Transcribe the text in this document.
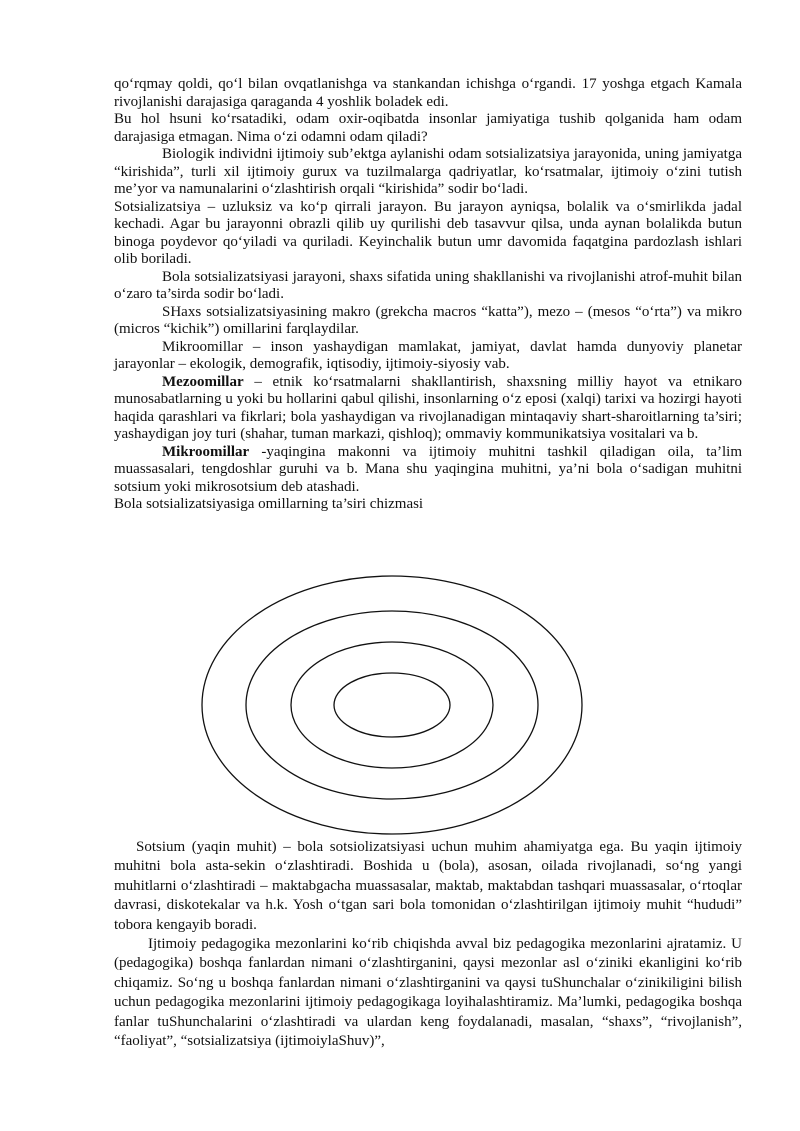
qo‘rqmay qoldi, qo‘l bilan ovqatlanishga va stankandan ichishga o‘rgandi. 17 yoshga etgach Kamala rivojlanishi darajasiga qaraganda 4 yoshlik boladek edi.

Bu hol hsuni ko‘rsatadiki, odam oxir-oqibatda insonlar jamiyatiga tushib qolganida ham odam darajasiga etmagan. Nima o‘zi odamni odam qiladi?

Biologik individni ijtimoiy sub’ektga aylanishi odam sotsializatsiya jarayonida, uning jamiyatga “kirishida”, turli xil ijtimoiy gurux va tuzilmalarga qadriyatlar, ko‘rsatmalar, ijtimoiy o‘zini tutish me’yor va namunalarini o‘zlashtirish orqali “kirishida” sodir bo‘ladi.

Sotsializatsiya – uzluksiz va ko‘p qirrali jarayon. Bu jarayon ayniqsa, bolalik va o‘smirlikda jadal kechadi. Agar bu jarayonni obrazli qilib uy qurilishi deb tasavvur qilsa, unda aynan bolalikda butun binoga poydevor qo‘yiladi va quriladi. Keyinchalik butun umr davomida faqatgina pardozlash ishlari olib boriladi.

Bola sotsializatsiyasi jarayoni, shaxs sifatida uning shakllanishi va rivojlanishi atrof-muhit bilan o‘zaro ta’sirda sodir bo‘ladi.

SHaxs sotsializatsiyasining makro (grekcha macros “katta”), mezo – (mesos “o‘rta”) va mikro (micros “kichik”) omillarini farqlaydilar.

Mikroomillar – inson yashaydigan mamlakat, jamiyat, davlat hamda dunyoviy planetar jarayonlar – ekologik, demografik, iqtisodiy, ijtimoiy-siyosiy vab.

Mezoomillar – etnik ko‘rsatmalarni shakllantirish, shaxsning milliy hayot va etnikaro munosabatlarning u yoki bu hollarini qabul qilishi, insonlarning o‘z eposi (xalqi) tarixi va hozirgi hayoti haqida qarashlari va fikrlari; bola yashaydigan va rivojlanadigan mintaqaviy shart-sharoitlarning ta’siri; yashaydigan joy turi (shahar, tuman markazi, qishloq); ommaviy kommunikatsiya vositalari va b.

Mikroomillar -yaqingina makonni va ijtimoiy muhitni tashkil qiladigan oila, ta’lim muassasalari, tengdoshlar guruhi va b. Mana shu yaqingina muhitni, ya’ni bola o‘sadigan muhitni sotsium yoki mikrosotsium deb atashadi.

Bola sotsializatsiyasiga omillarning ta’siri chizmasi

Sotsium (yaqin muhit) – bola sotsiolizatsiyasi uchun muhim ahamiyatga ega. Bu yaqin ijtimoiy muhitni bola asta-sekin o‘zlashtiradi. Boshida u (bola), asosan, oilada rivojlanadi, so‘ng yangi muhitlarni o‘zlashtiradi – maktabgacha muassasalar, maktab, maktabdan tashqari muassasalar, o‘rtoqlar davrasi, diskotekalar va h.k. Yosh o‘tgan sari bola tomonidan o‘zlashtirilgan ijtimoiy muhit “hududi” tobora kengayib boradi.

Ijtimoiy pedagogika mezonlarini ko‘rib chiqishda avval biz pedagogika mezonlarini ajratamiz. U (pedagogika) boshqa fanlardan nimani o‘zlashtirganini, qaysi mezonlar asl o‘ziniki ekanligini ko‘rib chiqamiz. So‘ng u boshqa fanlardan nimani o‘zlashtirganini va qaysi tuShunchalar o‘zinikiligini bilish uchun pedagogika mezonlarini ijtimoiy pedagogikaga loyihalashtiramiz. Ma’lumki, pedagogika boshqa fanlar tuShunchalarini o‘zlashtiradi va ulardan keng foydalanadi, masalan, “shaxs”, “rivojlanish”, “faoliyat”, “sotsializatsiya (ijtimoiylaShuv)”,
